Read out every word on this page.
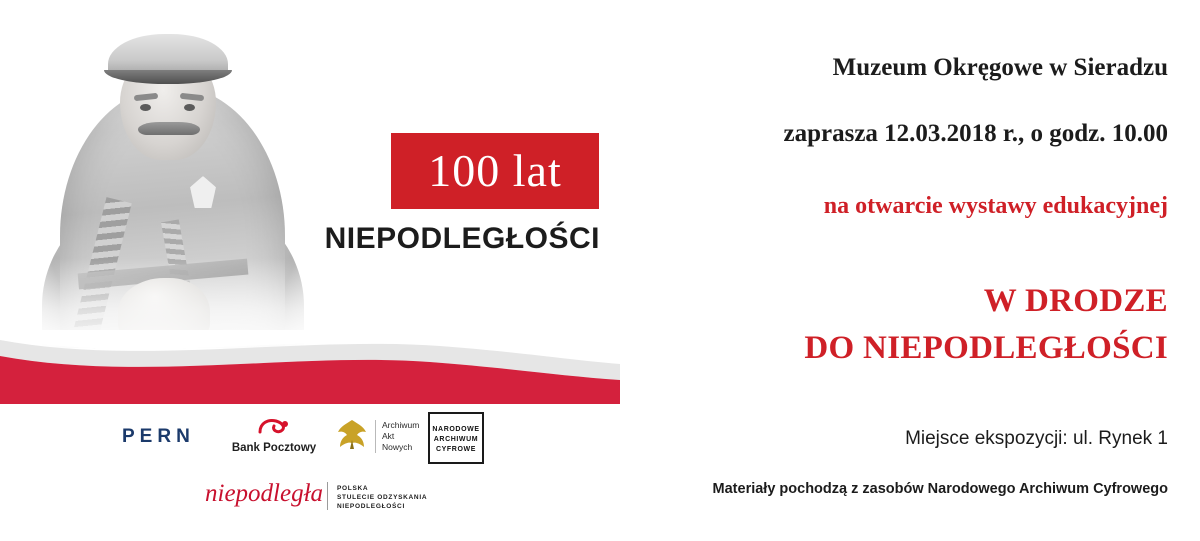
100 lat
NIEPODLEGŁOŚCI
PERN
Bank Pocztowy
Archiwum
Akt
Nowych
NARODOWE
ARCHIWUM
CYFROWE
niepodległa POLSKA
STULECIE ODZYSKANIA
NIEPODLEGŁOŚCI
Muzeum Okręgowe w Sieradzu
zaprasza 12.03.2018 r., o godz. 10.00
na otwarcie wystawy edukacyjnej
W DRODZE
DO NIEPODLEGŁOŚCI
Miejsce ekspozycji: ul. Rynek 1
Materiały pochodzą z zasobów Narodowego Archiwum Cyfrowego
